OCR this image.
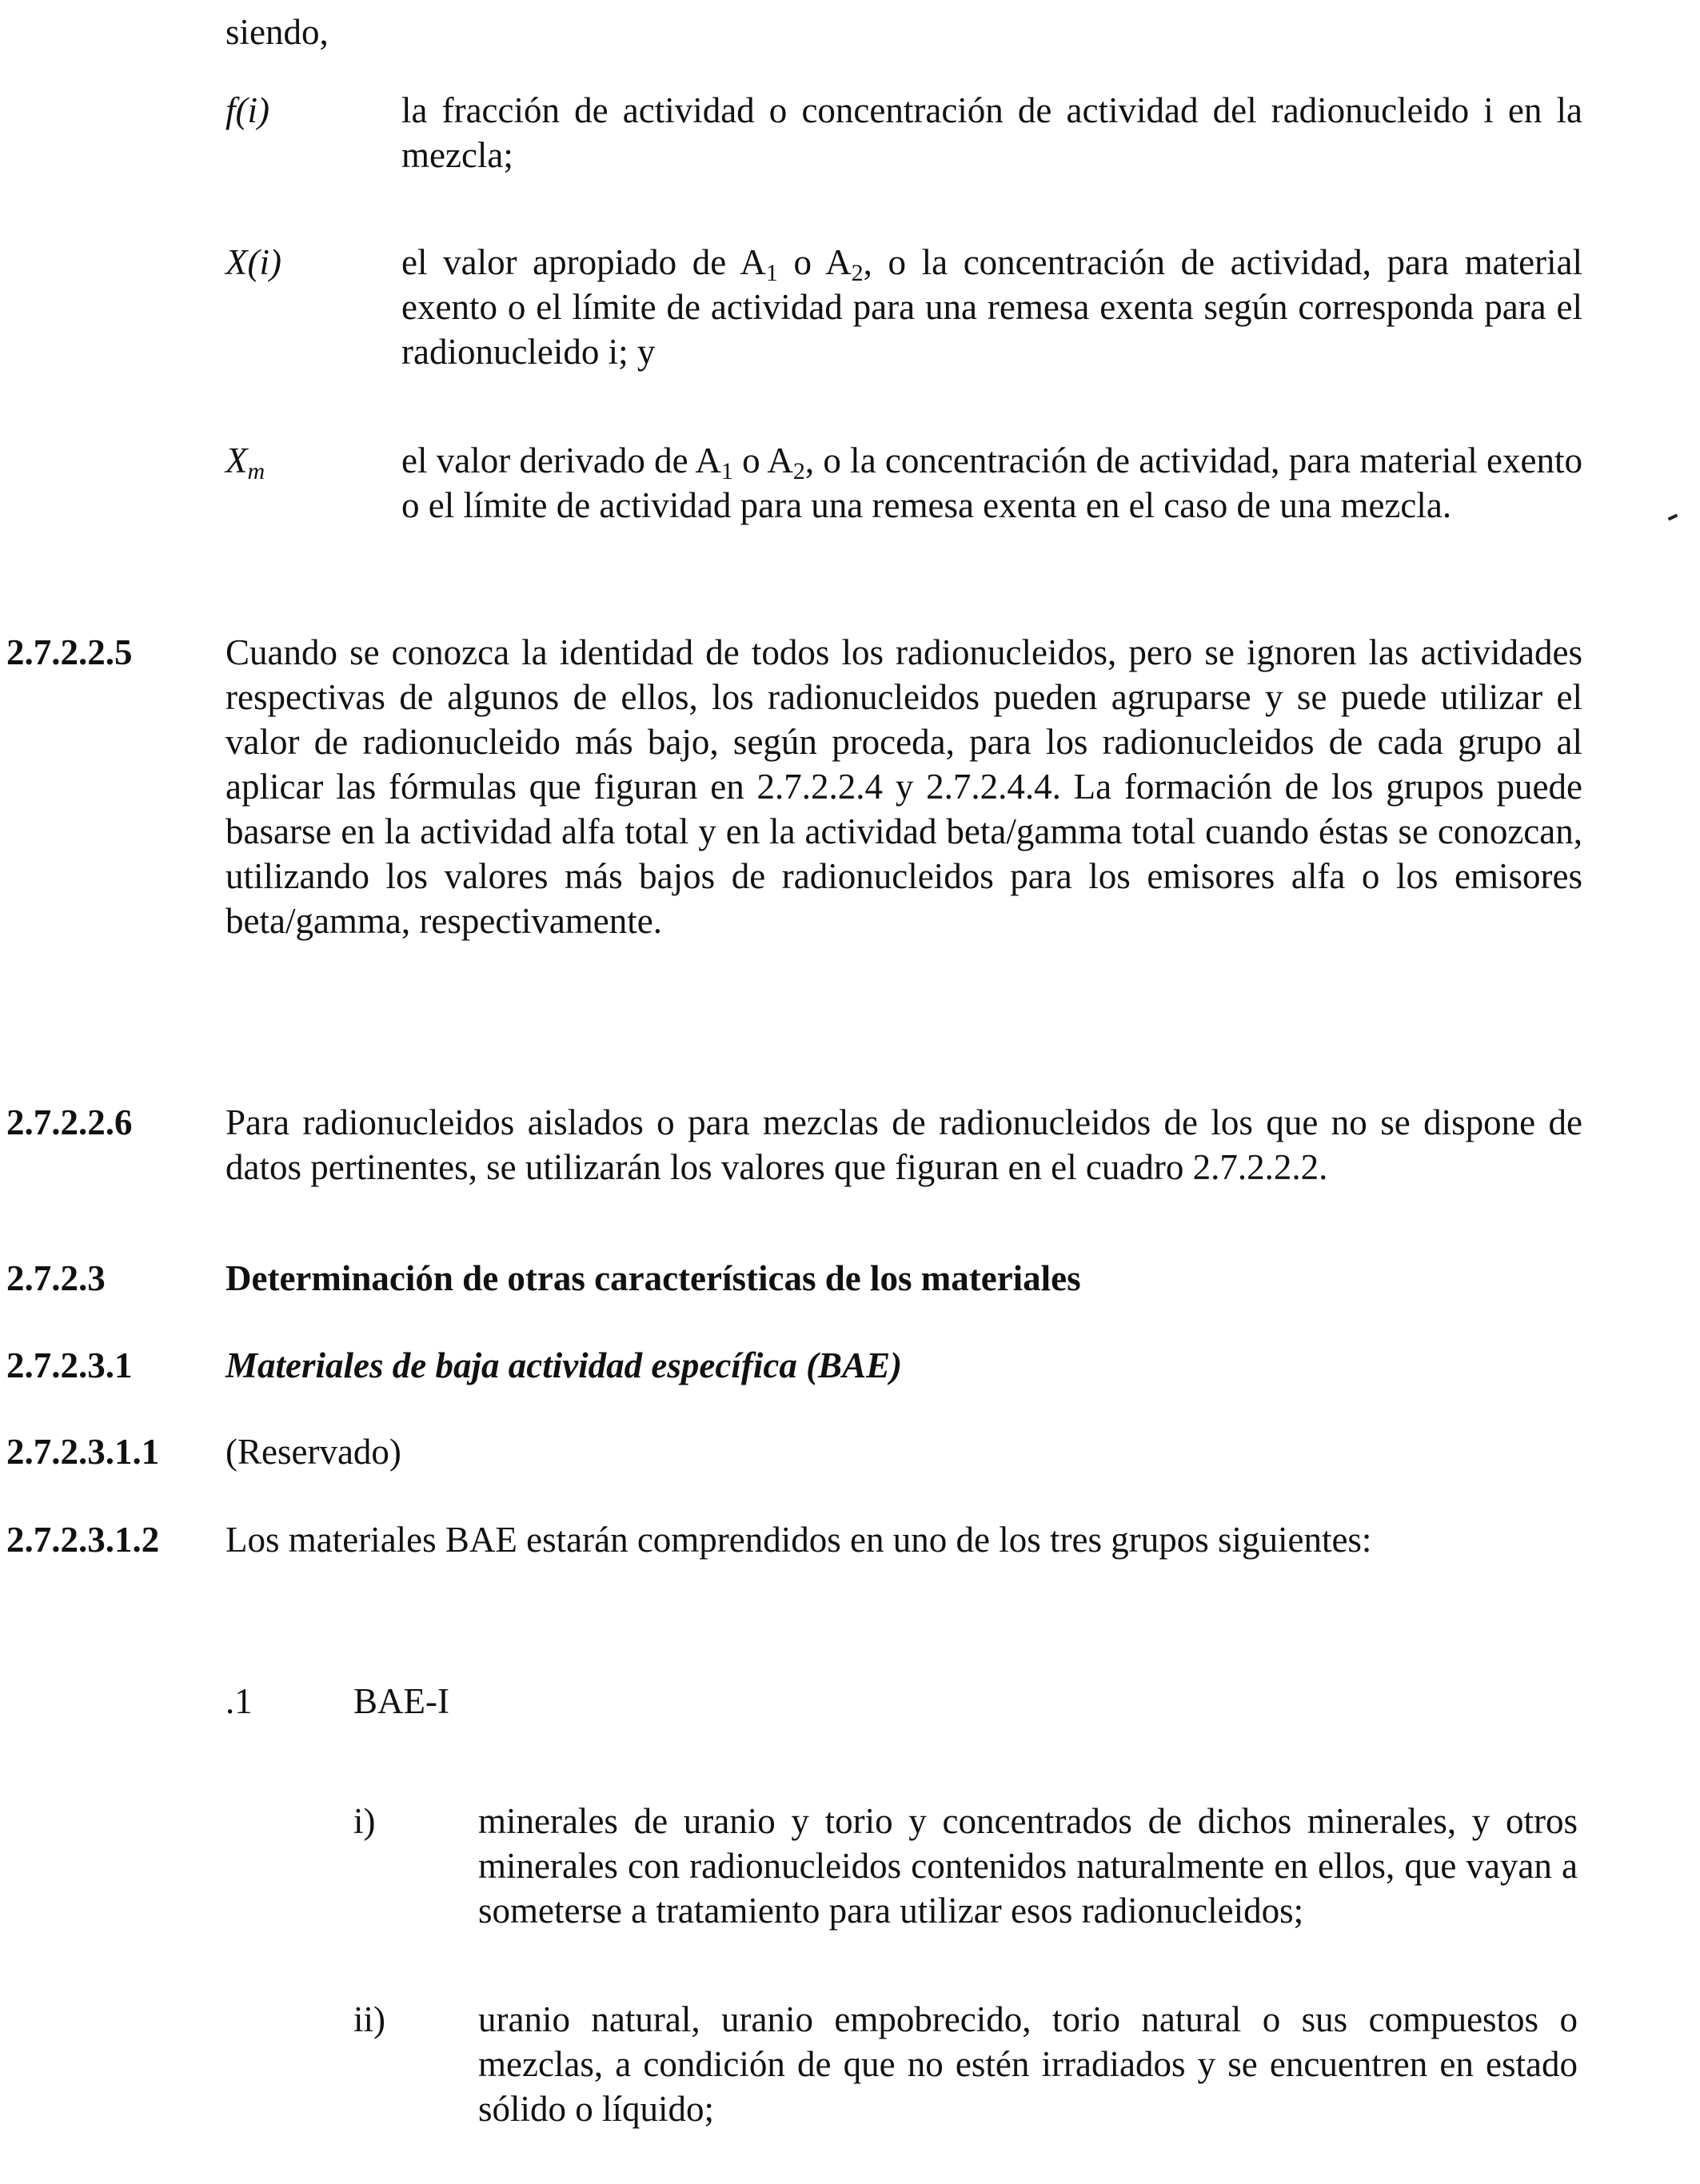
siendo,
f(i)	la fracción de actividad o concentración de actividad del radionucleido i en la mezcla;
X(i)	el valor apropiado de $A_1$ o $A_2$, o la concentración de actividad, para material exento o el límite de actividad para una remesa exenta según corresponda para el radionucleido i; y
$X_m$	el valor derivado de $A_1$ o $A_2$, o la concentración de actividad, para material exento o el límite de actividad para una remesa exenta en el caso de una mezcla.
2.7.2.2.5	Cuando se conozca la identidad de todos los radionucleidos, pero se ignoren las actividades respectivas de algunos de ellos, los radionucleidos pueden agruparse y se puede utilizar el valor de radionucleido más bajo, según proceda, para los radionucleidos de cada grupo al aplicar las fórmulas que figuran en 2.7.2.2.4 y 2.7.2.4.4. La formación de los grupos puede basarse en la actividad alfa total y en la actividad beta/gamma total cuando éstas se conozcan, utilizando los valores más bajos de radionucleidos para los emisores alfa o los emisores beta/gamma, respectivamente.
2.7.2.2.6	Para radionucleidos aislados o para mezclas de radionucleidos de los que no se dispone de datos pertinentes, se utilizarán los valores que figuran en el cuadro 2.7.2.2.2.
2.7.2.3	Determinación de otras características de los materiales
2.7.2.3.1	Materiales de baja actividad específica (BAE)
2.7.2.3.1.1 (Reservado)
2.7.2.3.1.2 Los materiales BAE estarán comprendidos en uno de los tres grupos siguientes:
.1	BAE-I
i)	minerales de uranio y torio y concentrados de dichos minerales, y otros minerales con radionucleidos contenidos naturalmente en ellos, que vayan a someterse a tratamiento para utilizar esos radionucleidos;
ii)	uranio natural, uranio empobrecido, torio natural o sus compuestos o mezclas, a condición de que no estén irradiados y se encuentren en estado sólido o líquido;
